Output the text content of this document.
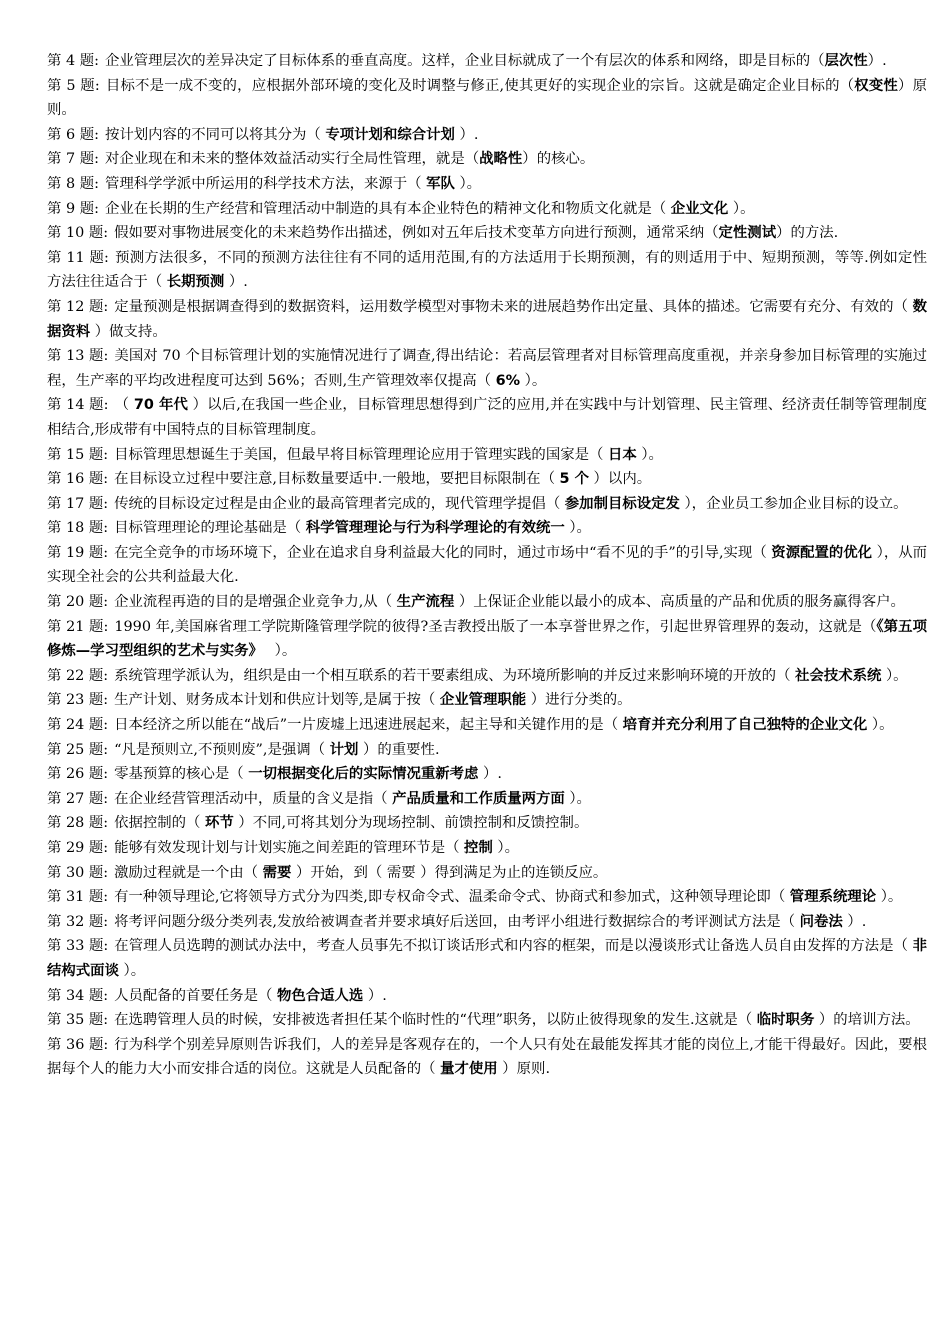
第 4 题: 企业管理层次的差异决定了目标体系的垂直高度。这样，企业目标就成了一个有层次的体系和网络，即是目标的（层次性）.

第 5 题: 目标不是一成不变的，应根据外部环境的变化及时调整与修正,使其更好的实现企业的宗旨。这就是确定企业目标的（权变性）原则。

第 6 题: 按计划内容的不同可以将其分为（ 专项计划和综合计划 ）.

第 7 题: 对企业现在和未来的整体效益活动实行全局性管理，就是（战略性）的核心。

第 8 题: 管理科学学派中所运用的科学技术方法，来源于（ 军队 ）。

第 9 题: 企业在长期的生产经营和管理活动中制造的具有本企业特色的精神文化和物质文化就是（ 企业文化 ）。

第 10 题: 假如要对事物进展变化的未来趋势作出描述，例如对五年后技术变革方向进行预测，通常采纳（定性测试）的方法.

第 11 题: 预测方法很多，不同的预测方法往往有不同的适用范围,有的方法适用于长期预测，有的则适用于中、短期预测，等等.例如定性方法往往适合于（ 长期预测 ）.

第 12 题: 定量预测是根据调查得到的数据资料，运用数学模型对事物未来的进展趋势作出定量、具体的描述。它需要有充分、有效的（ 数据资料 ）做支持。

第 13 题: 美国对 70 个目标管理计划的实施情况进行了调查,得出结论：若高层管理者对目标管理高度重视，并亲身参加目标管理的实施过程，生产率的平均改进程度可达到 56%；否则,生产管理效率仅提高（ 6% ）。

第 14 题: （ 70 年代 ）以后,在我国一些企业，目标管理思想得到广泛的应用,并在实践中与计划管理、民主管理、经济责任制等管理制度相结合,形成带有中国特点的目标管理制度。

第 15 题: 目标管理思想诞生于美国，但最早将目标管理理论应用于管理实践的国家是（ 日本 ）。

第 16 题: 在目标设立过程中要注意,目标数量要适中.一般地，要把目标限制在（ 5 个 ）以内。

第 17 题: 传统的目标设定过程是由企业的最高管理者完成的，现代管理学提倡（ 参加制目标设定发 ），企业员工参加企业目标的设立。

第 18 题: 目标管理理论的理论基础是（ 科学管理理论与行为科学理论的有效统一 ）。

第 19 题: 在完全竞争的市场环境下，企业在追求自身利益最大化的同时，通过市场中“看不见的手”的引导,实现（ 资源配置的优化 ），从而实现全社会的公共利益最大化.

第 20 题: 企业流程再造的目的是增强企业竞争力,从（ 生产流程 ）上保证企业能以最小的成本、高质量的产品和优质的服务赢得客户。

第 21 题: 1990 年,美国麻省理工学院斯隆管理学院的彼得?圣吉教授出版了一本享誉世界之作，引起世界管理界的轰动，这就是（《第五项修炼—学习型组织的艺术与实务》　 ）。

第 22 题: 系统管理学派认为，组织是由一个相互联系的若干要素组成、为环境所影响的并反过来影响环境的开放的（ 社会技术系统 ）。

第 23 题: 生产计划、财务成本计划和供应计划等,是属于按（ 企业管理职能 ）进行分类的。

第 24 题: 日本经济之所以能在“战后”一片废墟上迅速进展起来，起主导和关键作用的是（ 培育并充分利用了自己独特的企业文化 ）。

第 25 题: “凡是预则立,不预则废”,是强调（ 计划 ）的重要性.

第 26 题: 零基预算的核心是（ 一切根据变化后的实际情况重新考虑 ）.

第 27 题: 在企业经营管理活动中，质量的含义是指（ 产品质量和工作质量两方面 ）。

第 28 题: 依据控制的（ 环节 ）不同,可将其划分为现场控制、前馈控制和反馈控制。

第 29 题: 能够有效发现计划与计划实施之间差距的管理环节是（ 控制 ）。

第 30 题: 激励过程就是一个由（ 需要 ）开始，到（ 需要 ）得到满足为止的连锁反应。

第 31 题: 有一种领导理论,它将领导方式分为四类,即专权命令式、温柔命令式、协商式和参加式，这种领导理论即（ 管理系统理论 ）。

第 32 题: 将考评问题分级分类列表,发放给被调查者并要求填好后送回，由考评小组进行数据综合的考评测试方法是（ 问卷法 ）.

第 33 题: 在管理人员选聘的测试办法中，考查人员事先不拟订谈话形式和内容的框架，而是以漫谈形式让备选人员自由发挥的方法是（ 非结构式面谈 ）。

第 34 题: 人员配备的首要任务是（ 物色合适人选 ）.

第 35 题: 在选聘管理人员的时候，安排被选者担任某个临时性的“代理”职务，以防止彼得现象的发生.这就是（ 临时职务 ）的培训方法。

第 36 题: 行为科学个别差异原则告诉我们，人的差异是客观存在的，一个人只有处在最能发挥其才能的岗位上,才能干得最好。因此，要根据每个人的能力大小而安排合适的岗位。这就是人员配备的（ 量才使用 ）原则.
